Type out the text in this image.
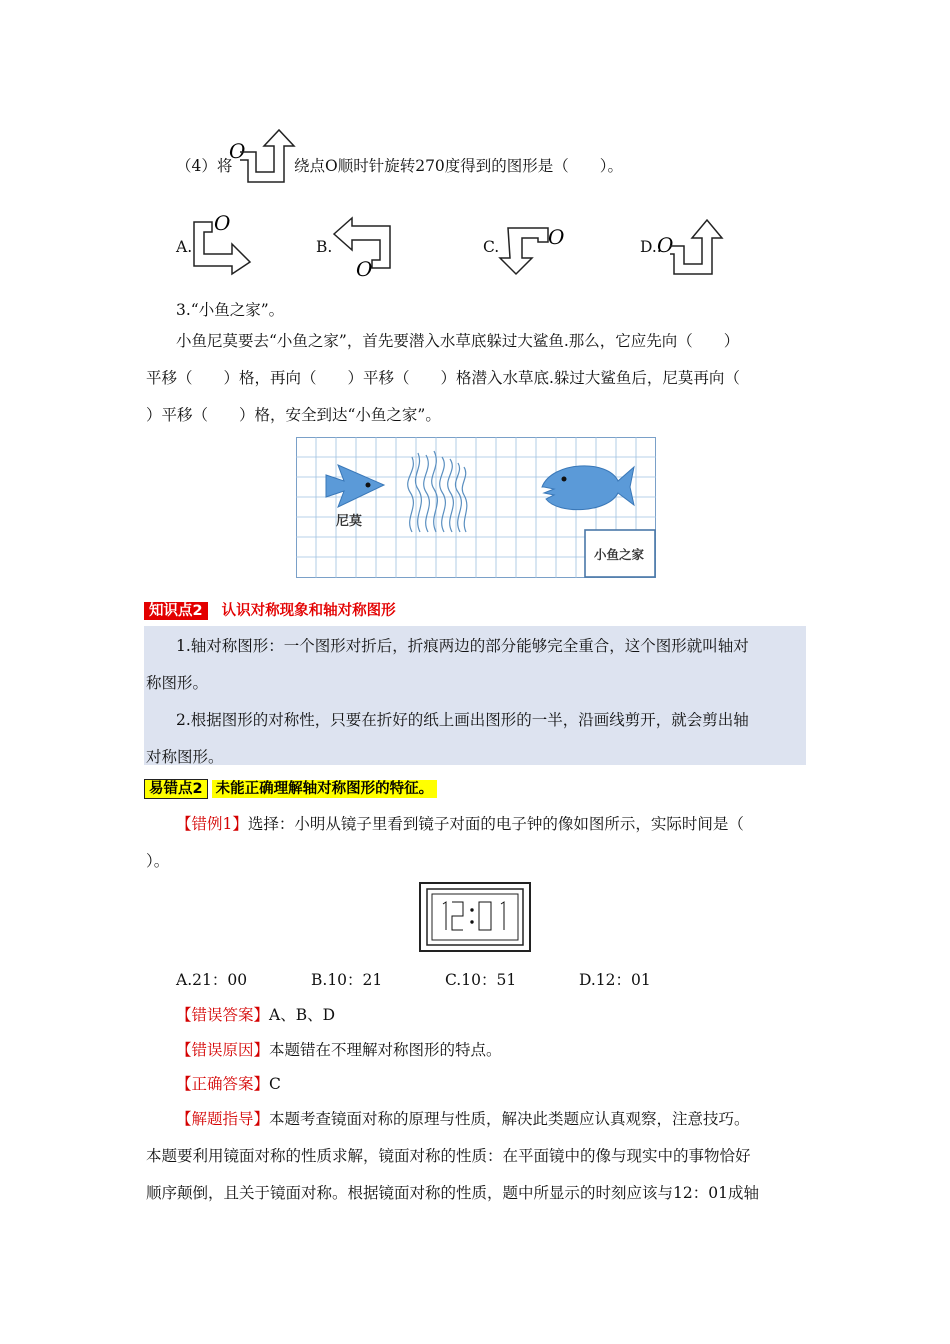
（4）将
O
绕点O顺时针旋转270度得到的图形是（　　）。
A.
O
B.
O
C. O	D..
O
3.“小鱼之家”。
小鱼尼莫要去“小鱼之家”，首先要潜入水草底躲过大鲨鱼.那么，它应先向（　　）
平移（　　）格，再向（　　）平移（　　）格潜入水草底.躲过大鲨鱼后，尼莫再向（
）平移（　　）格，安全到达“小鱼之家”。
尼莫
小鱼之家
知识点2 认识对称现象和轴对称图形

1.轴对称图形：一个图形对折后，折痕两边的部分能够完全重合，这个图形就叫轴对

称图形。

2.根据图形的对称性，只要在折好的纸上画出图形的一半，沿画线剪开，就会剪出轴

对称图形。

易错点2 未能正确理解轴对称图形的特征。
【错例1】选择：小明从镜子里看到镜子对面的电子钟的像如图所示，实际时间是（
）。
A.21：00	B.10：21	C.10：51	D.12：01
【错误答案】A、B、D
【错误原因】本题错在不理解对称图形的特点。
【正确答案】C
【解题指导】本题考查镜面对称的原理与性质，解决此类题应认真观察，注意技巧。
本题要利用镜面对称的性质求解，镜面对称的性质：在平面镜中的像与现实中的事物恰好
顺序颠倒，且关于镜面对称。根据镜面对称的性质，题中所显示的时刻应该与12：01成轴
